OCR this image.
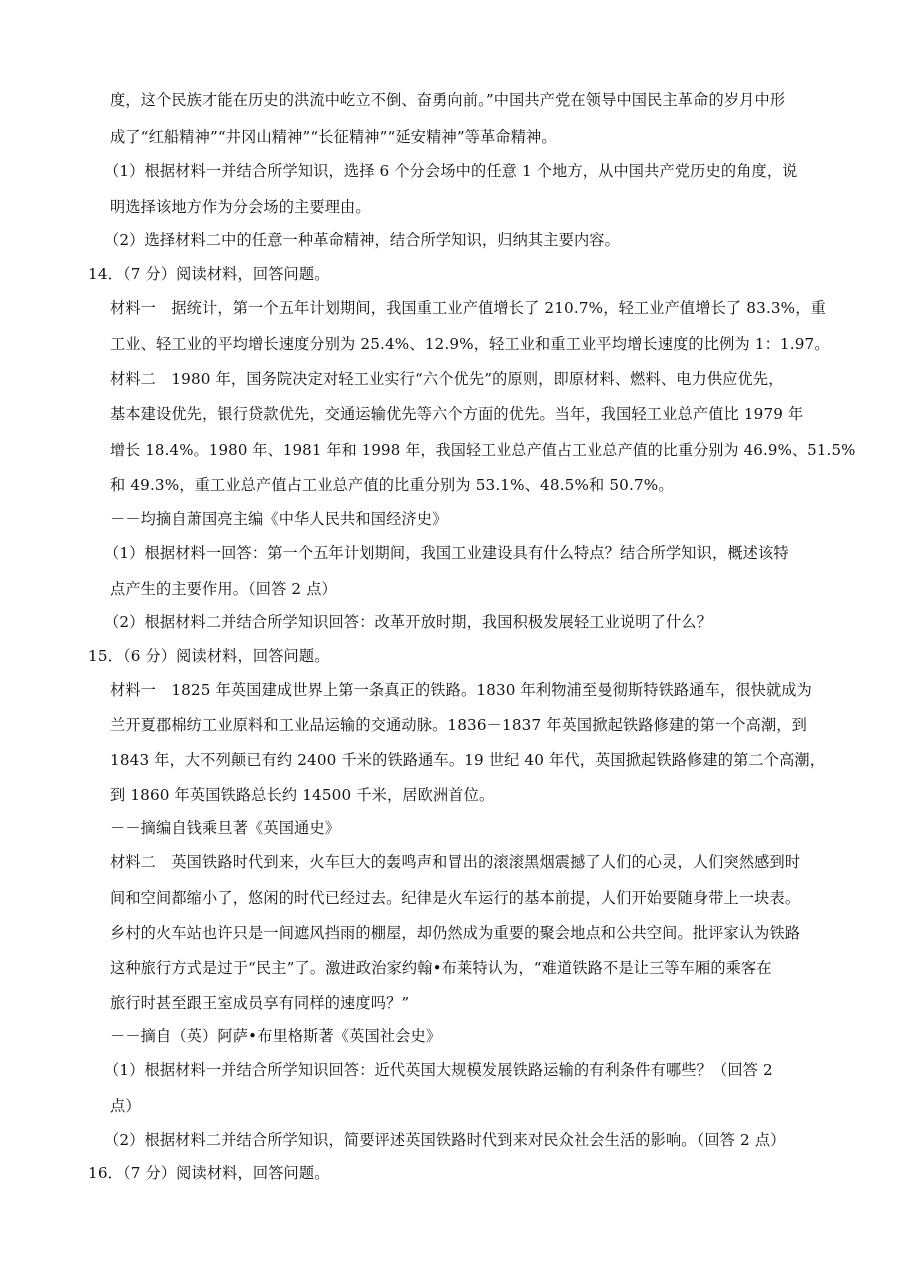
度，这个民族才能在历史的洪流中屹立不倒、奋勇向前。”中国共产党在领导中国民主革命的岁月中形
成了“红船精神”“井冈山精神”“长征精神”“延安精神”等革命精神。
（1）根据材料一并结合所学知识，选择 6 个分会场中的任意 1 个地方，从中国共产党历史的角度，说
明选择该地方作为分会场的主要理由。
（2）选择材料二中的任意一种革命精神，结合所学知识，归纳其主要内容。
14．（7 分）阅读材料，回答问题。
材料一　据统计，第一个五年计划期间，我国重工业产值增长了 210.7%，轻工业产值增长了 83.3%，重
工业、轻工业的平均增长速度分别为 25.4%、12.9%，轻工业和重工业平均增长速度的比例为 1：1.97。
材料二　1980 年，国务院决定对轻工业实行“六个优先”的原则，即原材料、燃料、电力供应优先，
基本建设优先，银行贷款优先，交通运输优先等六个方面的优先。当年，我国轻工业总产值比 1979 年
增长 18.4%。1980 年、1981 年和 1998 年，我国轻工业总产值占工业总产值的比重分别为 46.9%、51.5%
和 49.3%，重工业总产值占工业总产值的比重分别为 53.1%、48.5%和 50.7%。
－－均摘自萧国亮主编《中华人民共和国经济史》
（1）根据材料一回答：第一个五年计划期间，我国工业建设具有什么特点？结合所学知识，概述该特
点产生的主要作用。（回答 2 点）
（2）根据材料二并结合所学知识回答：改革开放时期，我国积极发展轻工业说明了什么？
15．（6 分）阅读材料，回答问题。
材料一　1825 年英国建成世界上第一条真正的铁路。1830 年利物浦至曼彻斯特铁路通车，很快就成为
兰开夏郡棉纺工业原料和工业品运输的交通动脉。1836－1837 年英国掀起铁路修建的第一个高潮，到
1843 年，大不列颠已有约 2400 千米的铁路通车。19 世纪 40 年代，英国掀起铁路修建的第二个高潮，
到 1860 年英国铁路总长约 14500 千米，居欧洲首位。
－－摘编自钱乘旦著《英国通史》
材料二　英国铁路时代到来，火车巨大的轰鸣声和冒出的滚滚黑烟震撼了人们的心灵，人们突然感到时
间和空间都缩小了，悠闲的时代已经过去。纪律是火车运行的基本前提，人们开始要随身带上一块表。
乡村的火车站也许只是一间遮风挡雨的棚屋，却仍然成为重要的聚会地点和公共空间。批评家认为铁路
这种旅行方式是过于“民主”了。激进政治家约翰•布莱特认为，“难道铁路不是让三等车厢的乘客在
旅行时甚至跟王室成员享有同样的速度吗？”
－－摘自（英）阿萨•布里格斯著《英国社会史》
（1）根据材料一并结合所学知识回答：近代英国大规模发展铁路运输的有利条件有哪些？（回答 2
点）
（2）根据材料二并结合所学知识，简要评述英国铁路时代到来对民众社会生活的影响。（回答 2 点）
16．（7 分）阅读材料，回答问题。
